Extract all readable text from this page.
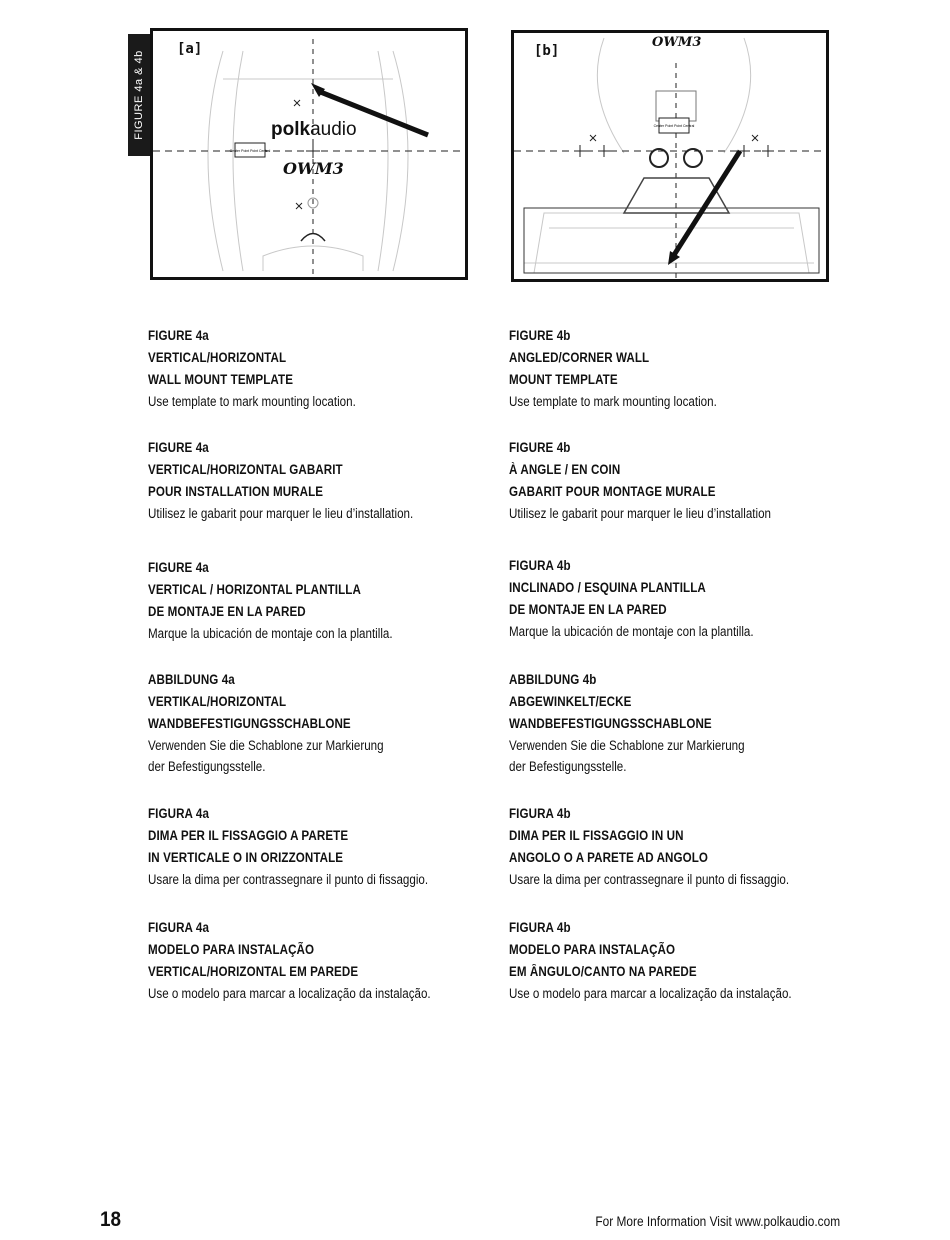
FIGURE 4a & 4b
Center Point Point Central
[a]
polkaudio
OWM3
Center Point Point Central
[b]
OWM3

FIGURE 4a

VERTICAL/HORIZONTAL

WALL MOUNT TEMPLATE

Use template to mark mounting location.

FIGURE 4a

VERTICAL/HORIZONTAL GABARIT

POUR INSTALLATION MURALE

Utilisez le gabarit pour marquer le lieu d’installation.

FIGURE 4a

VERTICAL / HORIZONTAL PLANTILLA

DE MONTAJE EN LA PARED

Marque la ubicación de montaje con la plantilla.

ABBILDUNG 4a

VERTIKAL/HORIZONTAL

WANDBEFESTIGUNGSSCHABLONE

Verwenden Sie die Schablone zur Markierung

der Befestigungsstelle.

FIGURA 4a

DIMA PER IL FISSAGGIO A PARETE

IN VERTICALE O IN ORIZZONTALE

Usare la dima per contrassegnare il punto di fissaggio.

FIGURA 4a

MODELO PARA INSTALAÇÃO

VERTICAL/HORIZONTAL EM PAREDE

Use o modelo para marcar a localização da instalação.

FIGURE 4b

ANGLED/CORNER WALL

MOUNT TEMPLATE

Use template to mark mounting location.

FIGURE 4b

À ANGLE / EN COIN

GABARIT POUR MONTAGE MURALE

Utilisez le gabarit pour marquer le lieu d’installation

FIGURA 4b

INCLINADO / ESQUINA PLANTILLA

DE MONTAJE EN LA PARED

Marque la ubicación de montaje con la plantilla.

ABBILDUNG 4b

ABGEWINKELT/ECKE

WANDBEFESTIGUNGSSCHABLONE

Verwenden Sie die Schablone zur Markierung

der Befestigungsstelle.

FIGURA 4b

DIMA PER IL FISSAGGIO IN UN

ANGOLO O A PARETE AD ANGOLO

Usare la dima per contrassegnare il punto di fissaggio.

FIGURA 4b

MODELO PARA INSTALAÇÃO

EM ÂNGULO/CANTO NA PAREDE

Use o modelo para marcar a localização da instalação.

18	For More Information Visit www.polkaudio.com
